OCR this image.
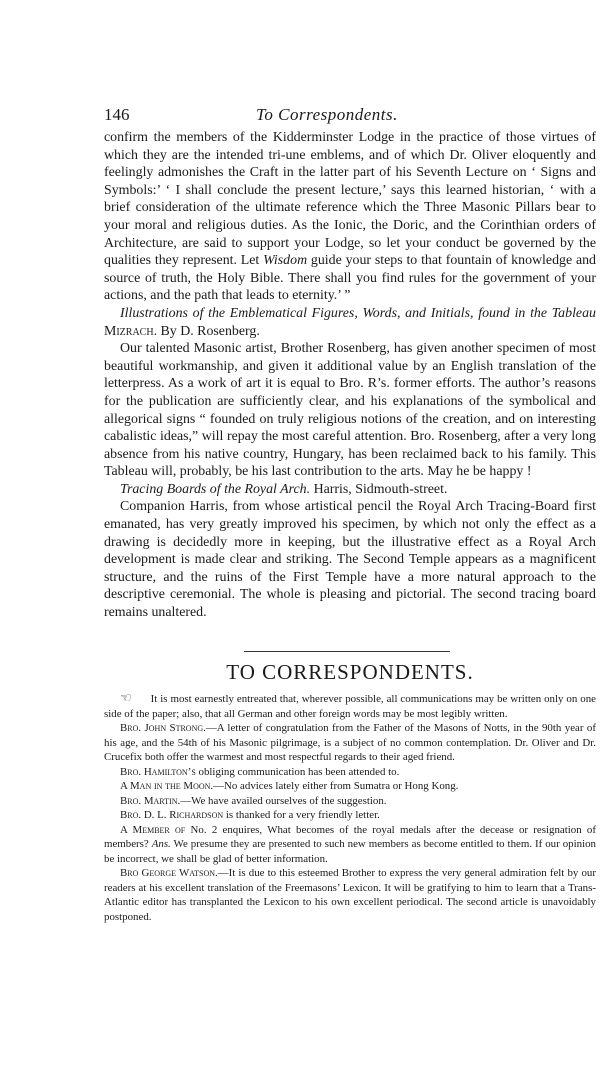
146	To Correspondents.

confirm the members of the Kidderminster Lodge in the practice of those virtues of which they are the intended tri-une emblems, and of which Dr. Oliver eloquently and feelingly admonishes the Craft in the latter part of his Seventh Lecture on ‘ Signs and Symbols:’ ‘ I shall conclude the present lecture,’ says this learned historian, ‘ with a brief consideration of the ultimate reference which the Three Masonic Pillars bear to your moral and religious duties. As the Ionic, the Doric, and the Corinthian orders of Architecture, are said to support your Lodge, so let your conduct be governed by the qualities they represent. Let Wisdom guide your steps to that fountain of knowledge and source of truth, the Holy Bible. There shall you find rules for the government of your actions, and the path that leads to eternity.’ ”

Illustrations of the Emblematical Figures, Words, and Initials, found in the Tableau Mizrach. By D. Rosenberg.

Our talented Masonic artist, Brother Rosenberg, has given another specimen of most beautiful workmanship, and given it additional value by an English translation of the letterpress. As a work of art it is equal to Bro. R’s. former efforts. The author’s reasons for the publication are sufficiently clear, and his explanations of the symbolical and allegorical signs “ founded on truly religious notions of the creation, and on interesting cabalistic ideas,” will repay the most careful attention. Bro. Rosenberg, after a very long absence from his native country, Hungary, has been reclaimed back to his family. This Tableau will, probably, be his last contribution to the arts. May he be happy !

Tracing Boards of the Royal Arch. Harris, Sidmouth-street.

Companion Harris, from whose artistical pencil the Royal Arch Tracing-Board first emanated, has very greatly improved his specimen, by which not only the effect as a drawing is decidedly more in keeping, but the illustrative effect as a Royal Arch development is made clear and striking. The Second Temple appears as a magnificent structure, and the ruins of the First Temple have a more natural approach to the descriptive ceremonial. The whole is pleasing and pictorial. The second tracing board remains unaltered.

TO CORRESPONDENTS.

☞ It is most earnestly entreated that, wherever possible, all communications may be written only on one side of the paper; also, that all German and other foreign words may be most legibly written.

Bro. John Strong.—A letter of congratulation from the Father of the Masons of Notts, in the 90th year of his age, and the 54th of his Masonic pilgrimage, is a subject of no common contemplation. Dr. Oliver and Dr. Crucefix both offer the warmest and most respectful regards to their aged friend.

Bro. Hamilton’s obliging communication has been attended to.

A Man in the Moon.—No advices lately either from Sumatra or Hong Kong.

Bro. Martin.—We have availed ourselves of the suggestion.

Bro. D. L. Richardson is thanked for a very friendly letter.

A Member of No. 2 enquires, What becomes of the royal medals after the decease or resignation of members? Ans. We presume they are presented to such new members as become entitled to them. If our opinion be incorrect, we shall be glad of better information.

Bro George Watson.—It is due to this esteemed Brother to express the very general admiration felt by our readers at his excellent translation of the Freemasons’ Lexicon. It will be gratifying to him to learn that a Trans-Atlantic editor has transplanted the Lexicon to his own excellent periodical. The second article is unavoidably postponed.
